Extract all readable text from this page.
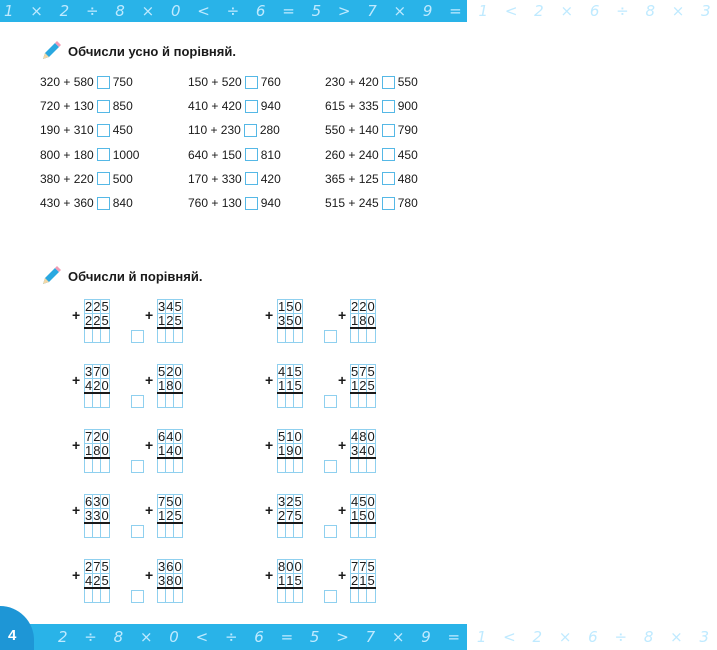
1 × 2 ÷ 8 × 0 < ÷ 6 = 5 > 7 × 9 = 1 < 2 × 6 ÷ 8 × 3
Обчисли усно й порівняй.
320 + 580 750
720 + 130 850
190 + 310 450
800 + 180 1000
380 + 220 500
430 + 360 840
150 + 520 760
410 + 420 940
110 + 230 280
640 + 150 810
170 + 330 420
760 + 130 940
230 + 420 550
615 + 335 900
550 + 140 790
260 + 240 450
365 + 125 480
515 + 245 780
Обчисли й порівняй.
+
2	2	5
2	2	5
			+
3	4	5
1	2	5
			+
1	5	0
3	5	0
			+
2	2	0
1	8	0

+
3	7	0
4	2	0
			+
5	2	0
1	8	0
			+
4	1	5
1	1	5
			+
5	7	5
1	2	5

+
7	2	0
1	8	0
			+
6	4	0
1	4	0
			+
5	1	0
1	9	0
			+
4	8	0
3	4	0

+
6	3	0
3	3	0
			+
7	5	0
1	2	5
			+
3	2	5
2	7	5
			+
4	5	0
1	5	0

+
2	7	5
4	2	5
			+
3	6	0
3	8	0
			+
8	0	0
1	1	5
			+
7	7	5
2	1	5

2 ÷ 8 × 0 < ÷ 6 = 5 > 7 × 9 = 1 < 2 × 6 ÷ 8 × 3
4
